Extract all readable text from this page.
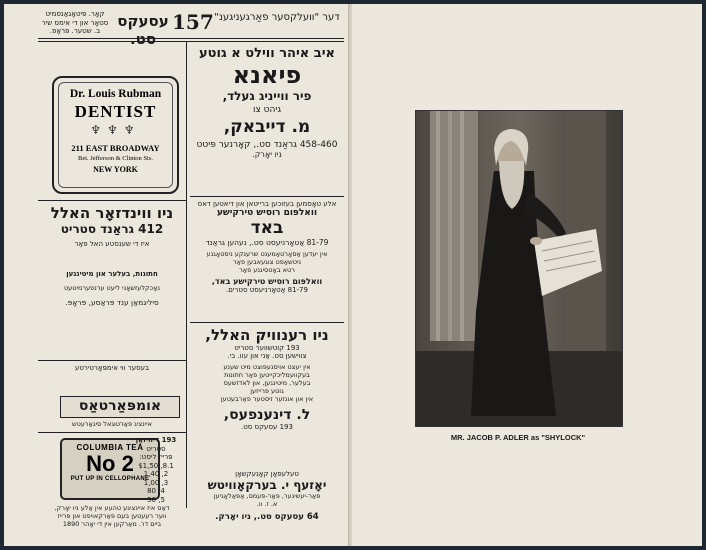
דער "וועלקסער פאַרגעניגענ"
157
עסעקס סט.
קאָר. פּיטאָגאַנסמיט
סטאָר און די אימס שיר
ב. שטער. פּראָפ.
Dr. Louis Rubman
DENTIST
♆♆♆
211 EAST BROADWAY
Bet. Jefferson & Clinton Sts.
NEW YORK
איב איהר ווילט א גוטע
פיאנא
פיר ווייניג געלד,
גיהט צו
מ. דייבאק,
458-460 גראַנד סט., קאָרנער פּיטט
ניו יאָרק.
אלע טאָסמען בעזוכען ברייטאן און דיאטען דאס
וואלפּום רוסיש טירקישע
באד
81-79 אַטאָרניעסט סט., נעהען גראַנד
אין יעדען אַסאָרטאַמענט שרענקע ניסטאָגנע
ניטשאַפט צוגעאבען פאַר
רטא באָטסיגנע פאַר
וואלפּום רוסיש טירקישע באד,
81-79 אַטאָרניעסט סטרים.
ניו ווינדזאָר האלל
412 גראַנד סטריט
איז די שענסטע האל פאַר
חתונות, בעלער און מיטינגען
נאָכקלעזשאָני ליעט ערנפערמיטעט
סיליגמאַן ענד פּראַסע, פּראָפּ.
ניו רענוויק האלל,
193 קוטשווער סטריט
צווישען סט. אַני און עוו. בי.
אין יעצט אויסגעפּוצט מיט שענע
בעקוועמליכקייטען פאַר חתונות
בעלער, מיטינגען, און לאדזשעס
גוטע פּרייזען
אין און אונזער זיסטער פאַרבעטען
ל. דינענפעס,
193 עסעקס סט.
בעסער ווי אימפּאָרטירטע
אומפּאַרטאַס
איינציג פּאַרטוגאל סיגאַרעטש
COLUMBIA TEA
No 2
PUT UP IN CELLOPHANE
193 דיוויזאָן
סטריט
פּרייז ליסט:
$1,50 ,8.1
1,40 ,2
1,00 ,3
80 ,4
56 ,5
טעלעפאָן קאָנעקשאָן
יאָזעף י. בערקאָוויטש
פּאַר-יעשיגער, פּאַר-פּעמס, אַפּאַלאָגיען
א. ז. וו.
64 עסעקס סט., ניו יאָרק.
דאַס איז איינציגע טהעע אין אַלע ניו יאָרק,
ווער רעעטען בעם פּאַרקאויפט און פּרייז
ביים דר. מאַרקען אין די יאָהר 1890
MR. JACOB P. ADLER as "SHYLOCK"
